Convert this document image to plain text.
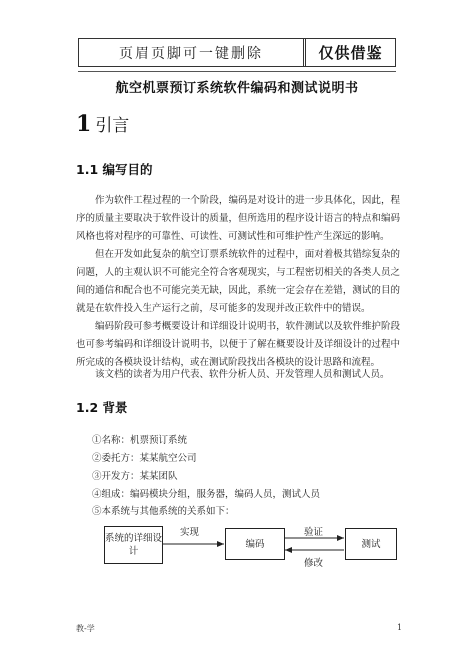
页眉页脚可一键删除	仅供借鉴
航空机票预订系统软件编码和测试说明书
1 引言
1.1 编写目的

作为软件工程过程的一个阶段，编码是对设计的进一步具体化，因此，程序的质量主要取决于软件设计的质量，但所选用的程序设计语言的特点和编码风格也将对程序的可靠性、可读性、可测试性和可维护性产生深远的影响。

但在开发如此复杂的航空订票系统软件的过程中，面对着极其错综复杂的问题，人的主观认识不可能完全符合客观现实，与工程密切相关的各类人员之间的通信和配合也不可能完美无缺，因此，系统一定会存在差错，测试的目的就是在软件投入生产运行之前，尽可能多的发现并改正软件中的错误。

编码阶段可参考概要设计和详细设计说明书，软件测试以及软件维护阶段也可参考编码和详细设计说明书，以便于了解在概要设计及详细设计的过程中所完成的各模块设计结构，或在测试阶段找出各模块的设计思路和流程。

该文档的读者为用户代表、软件分析人员、开发管理人员和测试人员。

1.2 背景
①名称：机票预订系统
②委托方：某某航空公司
③开发方：某某团队
④组成：编码模块分组，服务器，编码人员，测试人员
⑤本系统与其他系统的关系如下：
系统的详细设计
编码	测试
实现	验证
修改
教-学	1
